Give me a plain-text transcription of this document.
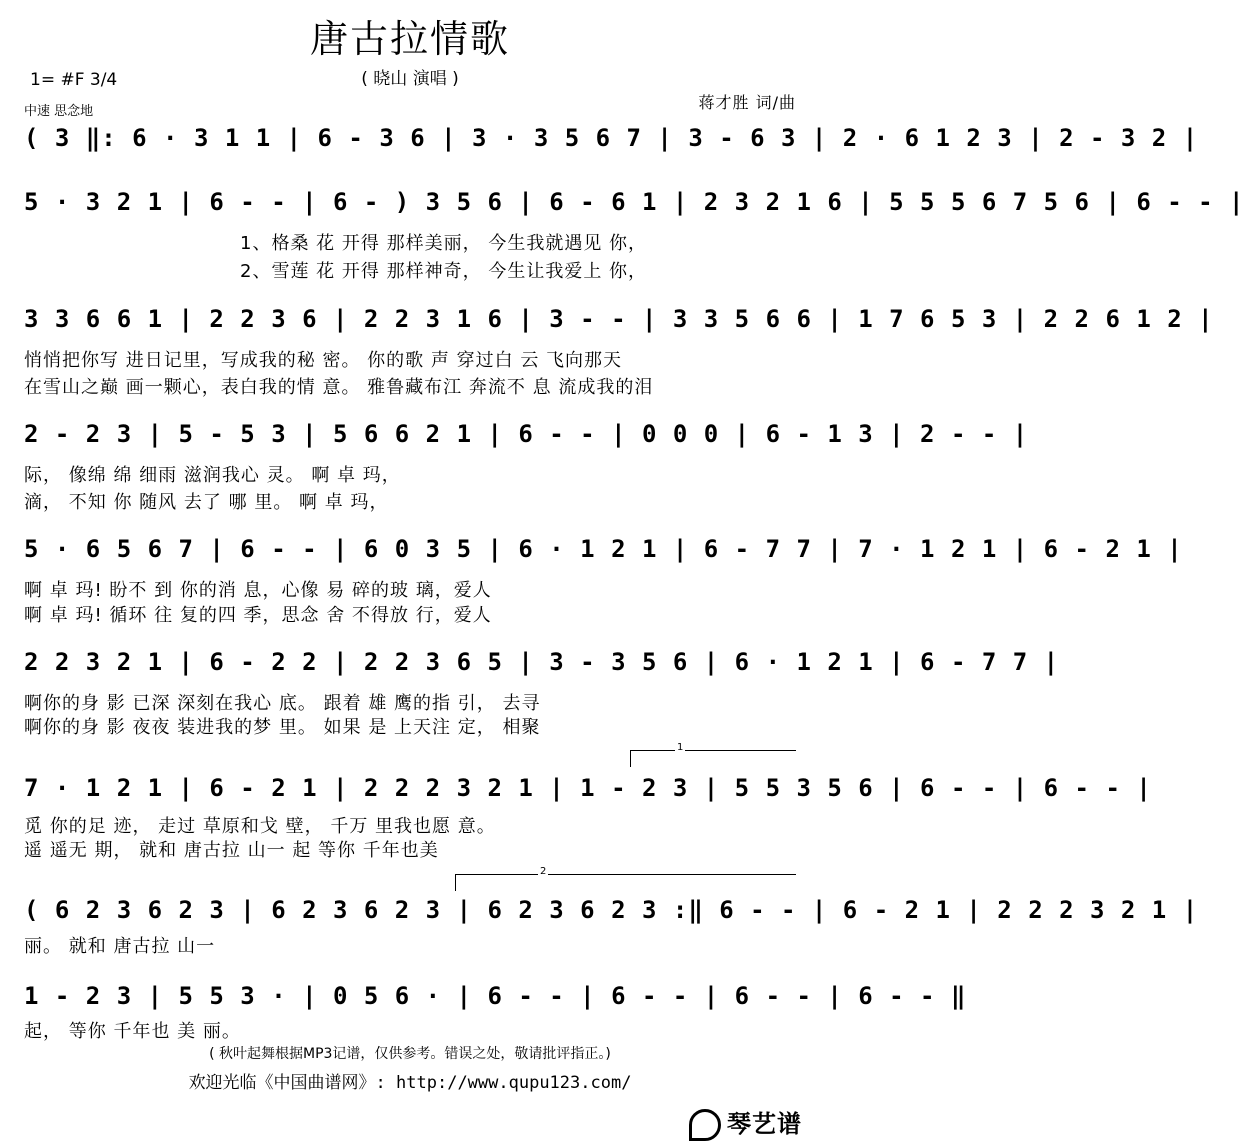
唐古拉情歌
( 晓山 演唱 )
1= #F 3/4
中速 思念地	蒋才胜 词/曲
( 3 ‖: 6 · 3 1 1 | 6 - 3 6 | 3 · 3 5 6 7 | 3 - 6 3 | 2 · 6 1 2 3 | 2 - 3 2 |
5 · 3 2 1 | 6 - - | 6 - ) 3 5 6 | 6 - 6 1 | 2 3 2 1 6 | 5 5 5 6 7 5 6 | 6 - - |
1、格桑 花 开得 那样美丽， 今生我就遇见 你，
2、雪莲 花 开得 那样神奇， 今生让我爱上 你，
3 3 6 6 1 | 2 2 3 6 | 2 2 3 1 6 | 3 - - | 3 3 5 6 6 | 1 7 6 5 3 | 2 2 6 1 2 |
悄悄把你写 进日记里，写成我的秘 密。 你的歌 声 穿过白 云 飞向那天
在雪山之巅 画一颗心，表白我的情 意。 雅鲁藏布江 奔流不 息 流成我的泪
2 - 2 3 | 5 - 5 3 | 5 6 6 2 1 | 6 - - | 0 0 0 | 6 - 1 3 | 2 - - |
际， 像绵 绵 细雨 滋润我心 灵。 啊 卓 玛，
滴， 不知 你 随风 去了 哪 里。 啊 卓 玛，
5 · 6 5 6 7 | 6 - - | 6 0 3 5 | 6 · 1 2 1 | 6 - 7 7 | 7 · 1 2 1 | 6 - 2 1 |
啊 卓 玛! 盼不 到 你的消 息，心像 易 碎的玻 璃，爱人
啊 卓 玛! 循环 往 复的四 季，思念 舍 不得放 行，爱人
2 2 3 2 1 | 6 - 2 2 | 2 2 3 6 5 | 3 - 3 5 6 | 6 · 1 2 1 | 6 - 7 7 |
啊你的身 影 已深 深刻在我心 底。 跟着 雄 鹰的指 引， 去寻
啊你的身 影 夜夜 装进我的梦 里。 如果 是 上天注 定， 相聚
1
7 · 1 2 1 | 6 - 2 1 | 2 2 2 3 2 1 | 1 - 2 3 | 5 5 3 5 6 | 6 - - | 6 - - |
觅 你的足 迹， 走过 草原和戈 壁， 千万 里我也愿 意。
遥 遥无 期， 就和 唐古拉 山一 起 等你 千年也美
2
( 6 2 3 6 2 3 | 6 2 3 6 2 3 | 6 2 3 6 2 3 :‖ 6 - - | 6 - 2 1 | 2 2 2 3 2 1 |
丽。 就和 唐古拉 山一
1 - 2 3 | 5 5 3 · | 0 5 6 · | 6 - - | 6 - - | 6 - - | 6 - - ‖
起， 等你 千年也 美 丽。
( 秋叶起舞根据MP3记谱，仅供参考。错误之处，敬请批评指正。)
欢迎光临《中国曲谱网》: http://www.qupu123.com/
琴艺谱
